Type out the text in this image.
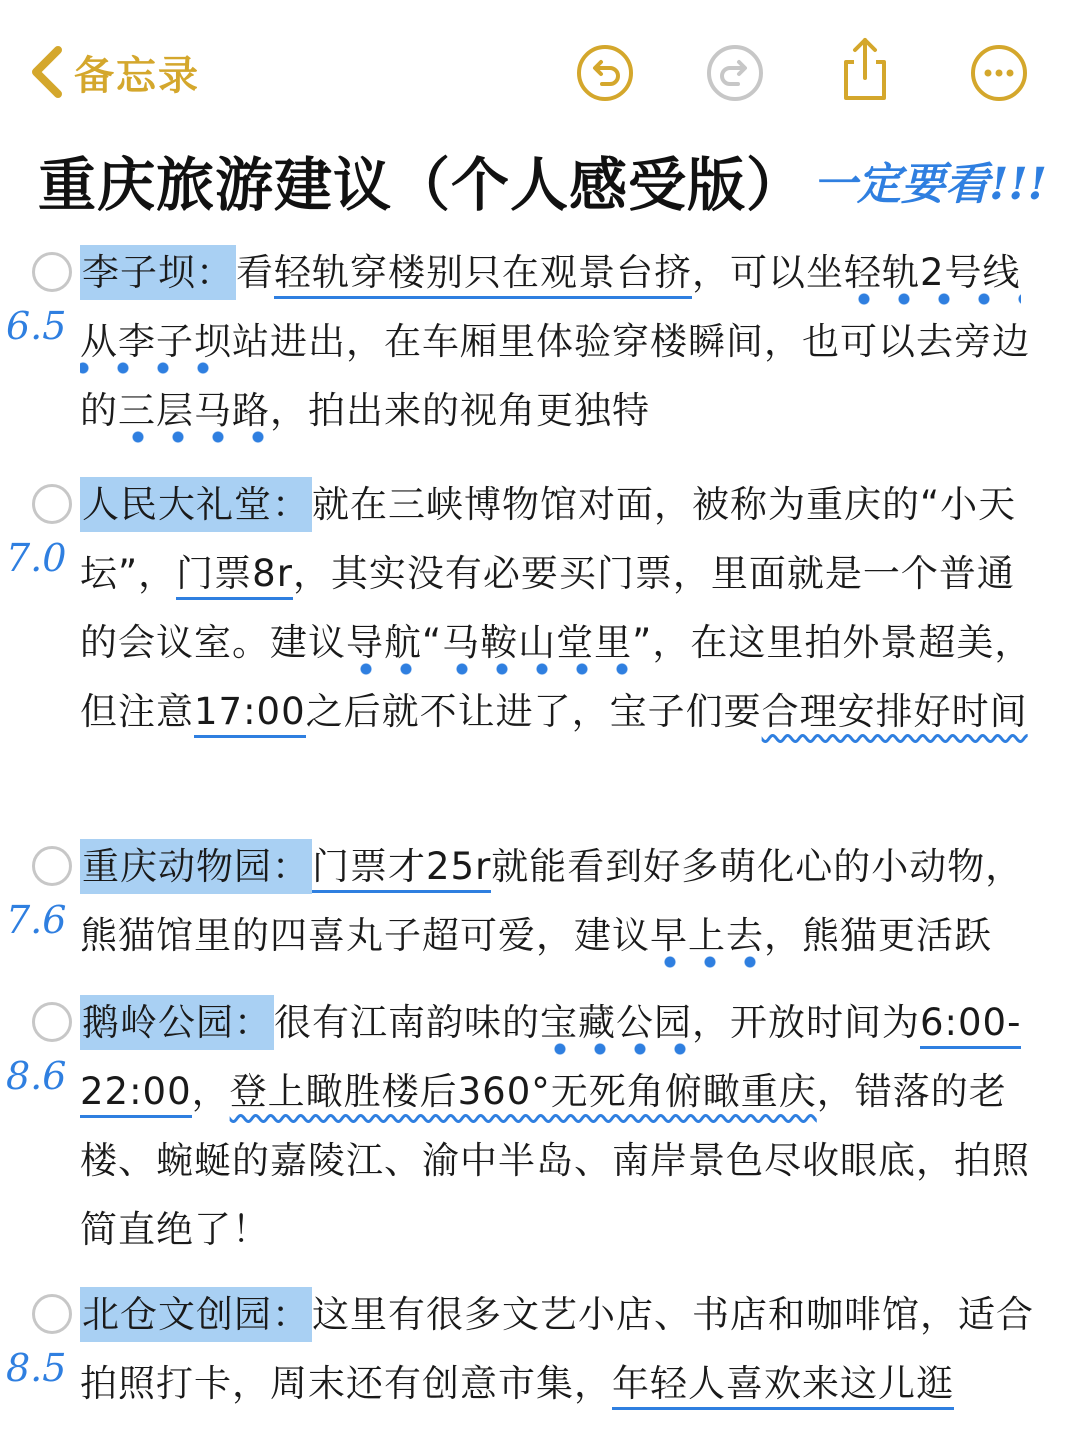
备忘录
重庆旅游建议（个人感受版） 一定要看!!!
6.5
李子坝：看轻轨穿楼别只在观景台挤，可以坐轻轨2号线从李子坝站进出，在车厢里体验穿楼瞬间，也可以去旁边的三层马路，拍出来的视角更独特
7.0
人民大礼堂：就在三峡博物馆对面，被称为重庆的“小天坛”，门票8r，其实没有必要买门票，里面就是一个普通的会议室。建议导航“马鞍山堂里”，在这里拍外景超美，但注意17:00之后就不让进了，宝子们要合理安排好时间
7.6
重庆动物园：门票才25r就能看到好多萌化心的小动物，熊猫馆里的四喜丸子超可爱，建议早上去，熊猫更活跃
8.6
鹅岭公园：很有江南韵味的宝藏公园，开放时间为6:00-22:00，登上瞰胜楼后360°无死角俯瞰重庆，错落的老楼、蜿蜒的嘉陵江、渝中半岛、南岸景色尽收眼底，拍照简直绝了！
8.5
北仓文创园：这里有很多文艺小店、书店和咖啡馆，适合拍照打卡，周末还有创意市集，年轻人喜欢来这儿逛
